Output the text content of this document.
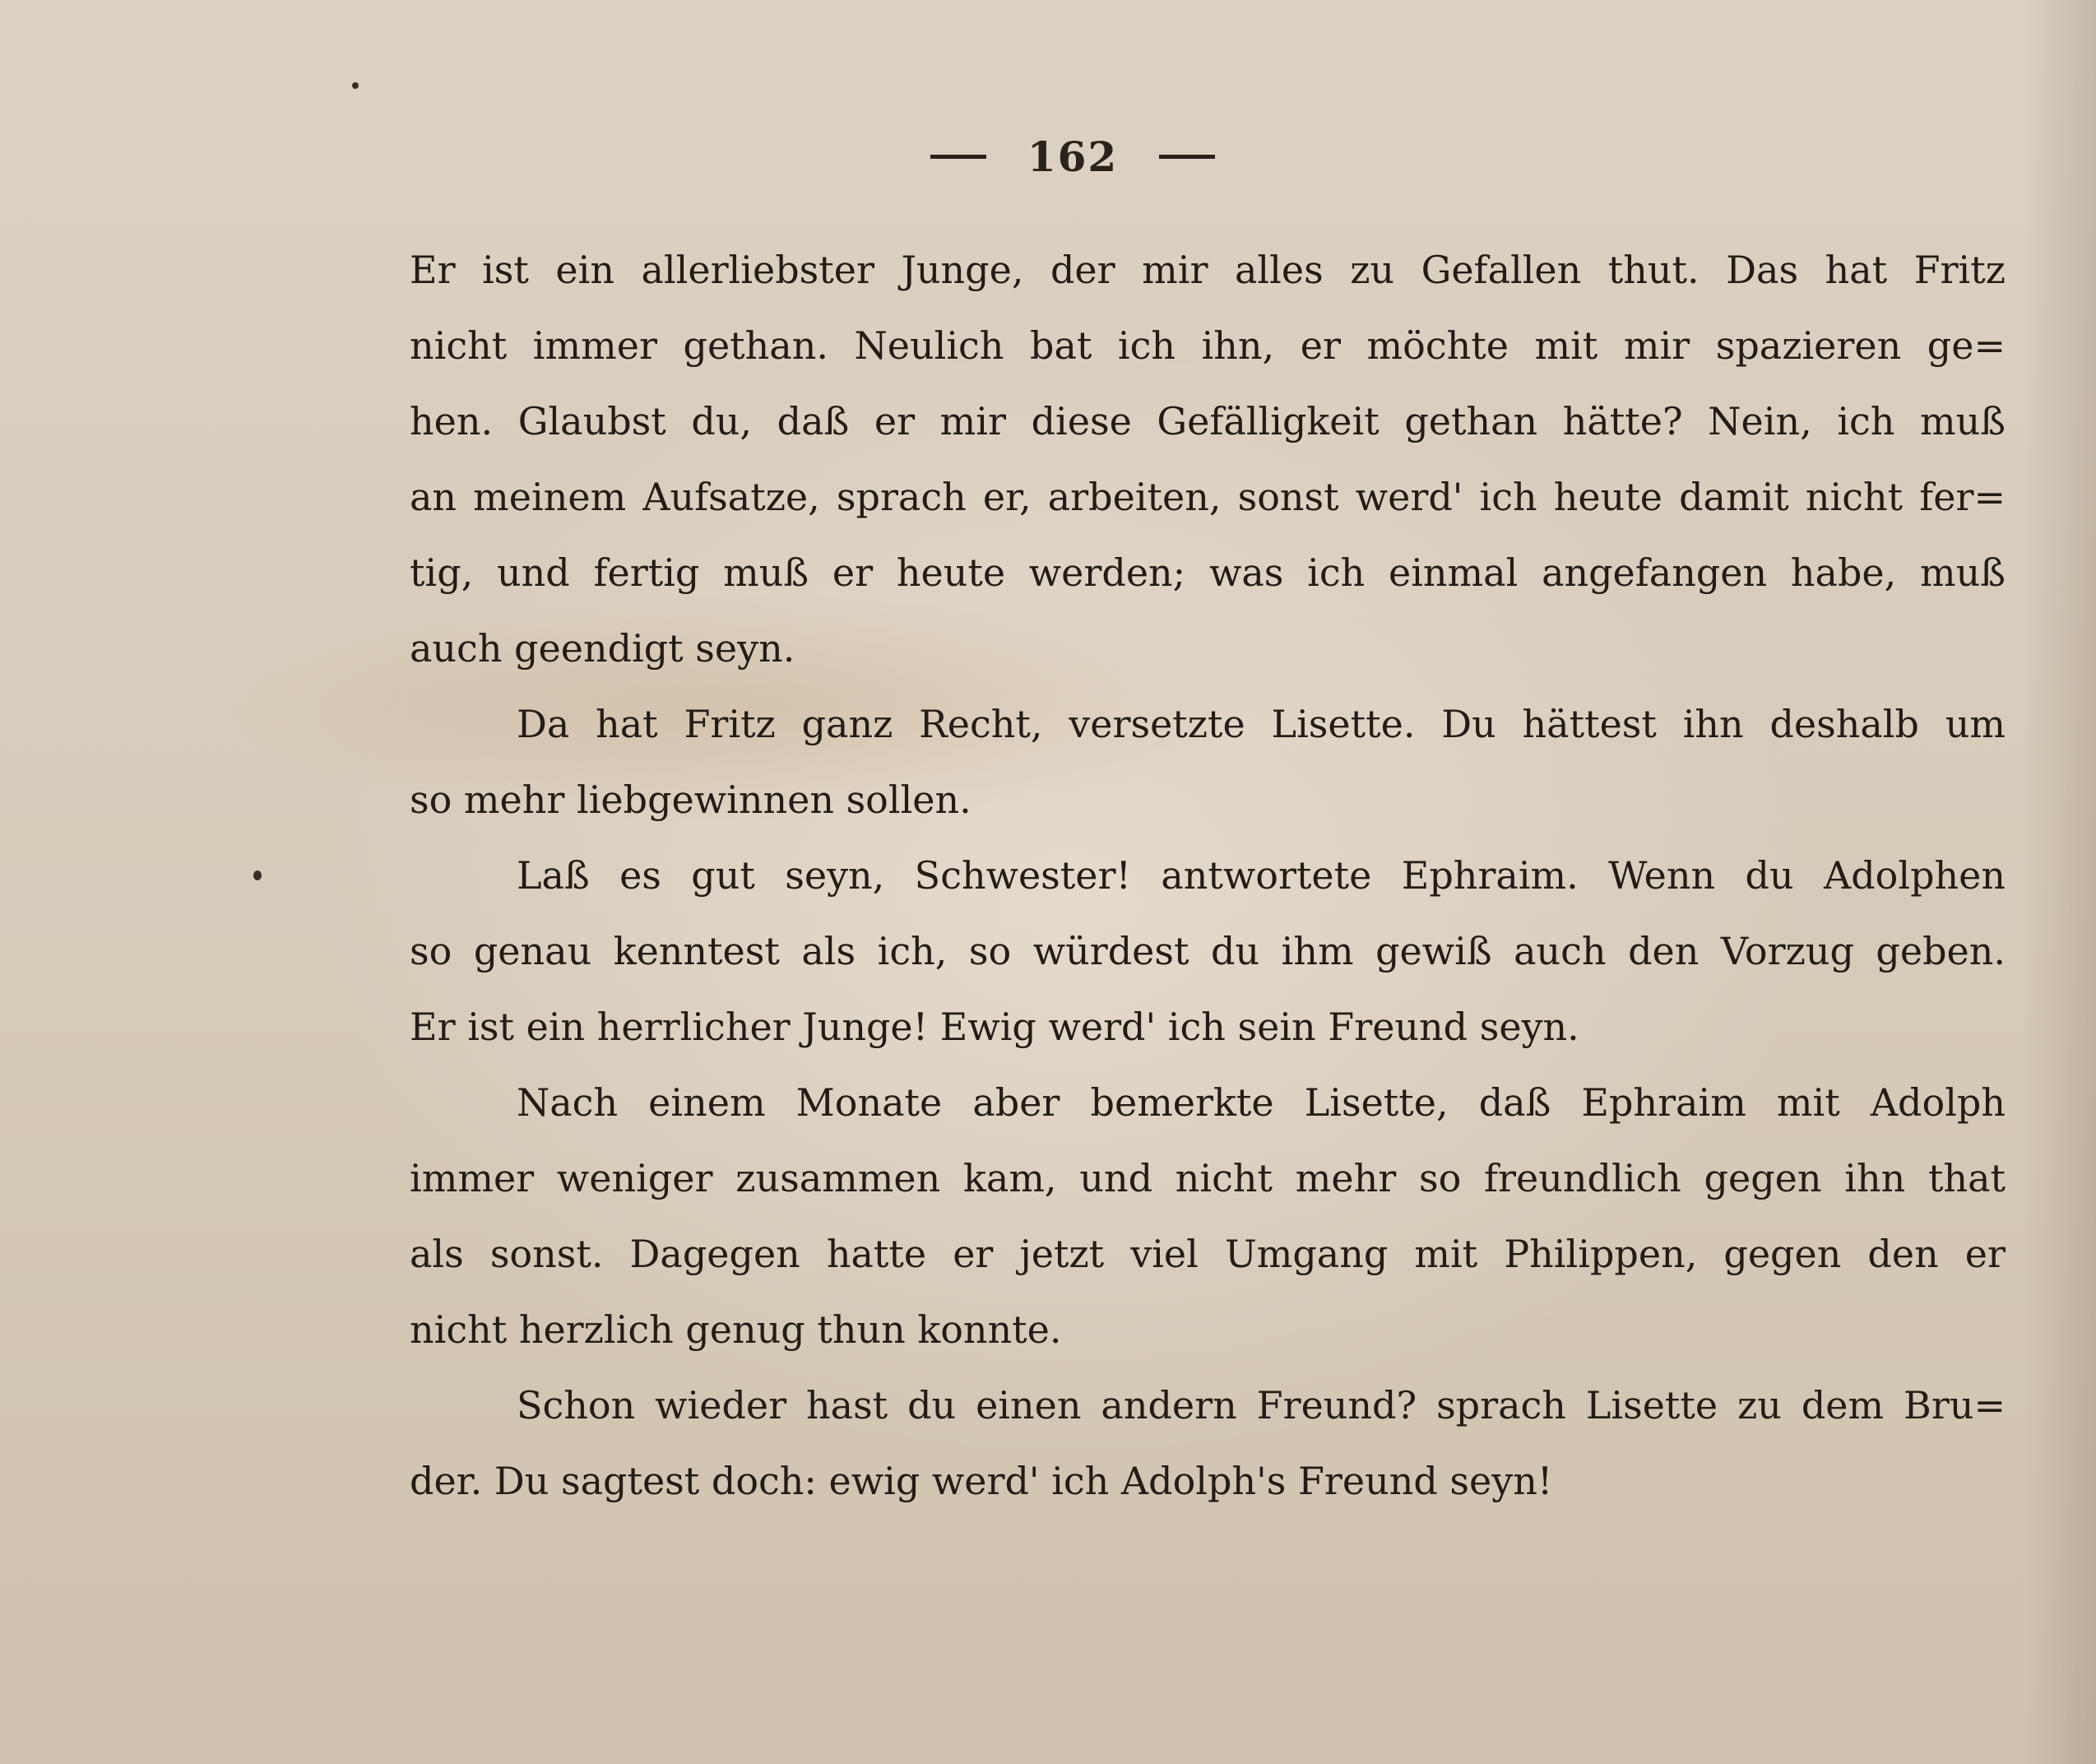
162
Er ist ein allerliebster Junge, der mir alles zu Gefallen thut. Das hat Fritz
nicht immer gethan. Neulich bat ich ihn, er möchte mit mir spazieren ge=
hen. Glaubst du, daß er mir diese Gefälligkeit gethan hätte? Nein, ich muß
an meinem Aufsatze, sprach er, arbeiten, sonst werd' ich heute damit nicht fer=
tig, und fertig muß er heute werden; was ich einmal angefangen habe, muß
auch geendigt seyn.
Da hat Fritz ganz Recht, versetzte Lisette. Du hättest ihn deshalb um
so mehr liebgewinnen sollen.
Laß es gut seyn, Schwester! antwortete Ephraim. Wenn du Adolphen
so genau kenntest als ich, so würdest du ihm gewiß auch den Vorzug geben.
Er ist ein herrlicher Junge! Ewig werd' ich sein Freund seyn.
Nach einem Monate aber bemerkte Lisette, daß Ephraim mit Adolph
immer weniger zusammen kam, und nicht mehr so freundlich gegen ihn that
als sonst. Dagegen hatte er jetzt viel Umgang mit Philippen, gegen den er
nicht herzlich genug thun konnte.
Schon wieder hast du einen andern Freund? sprach Lisette zu dem Bru=
der. Du sagtest doch: ewig werd' ich Adolph's Freund seyn!
